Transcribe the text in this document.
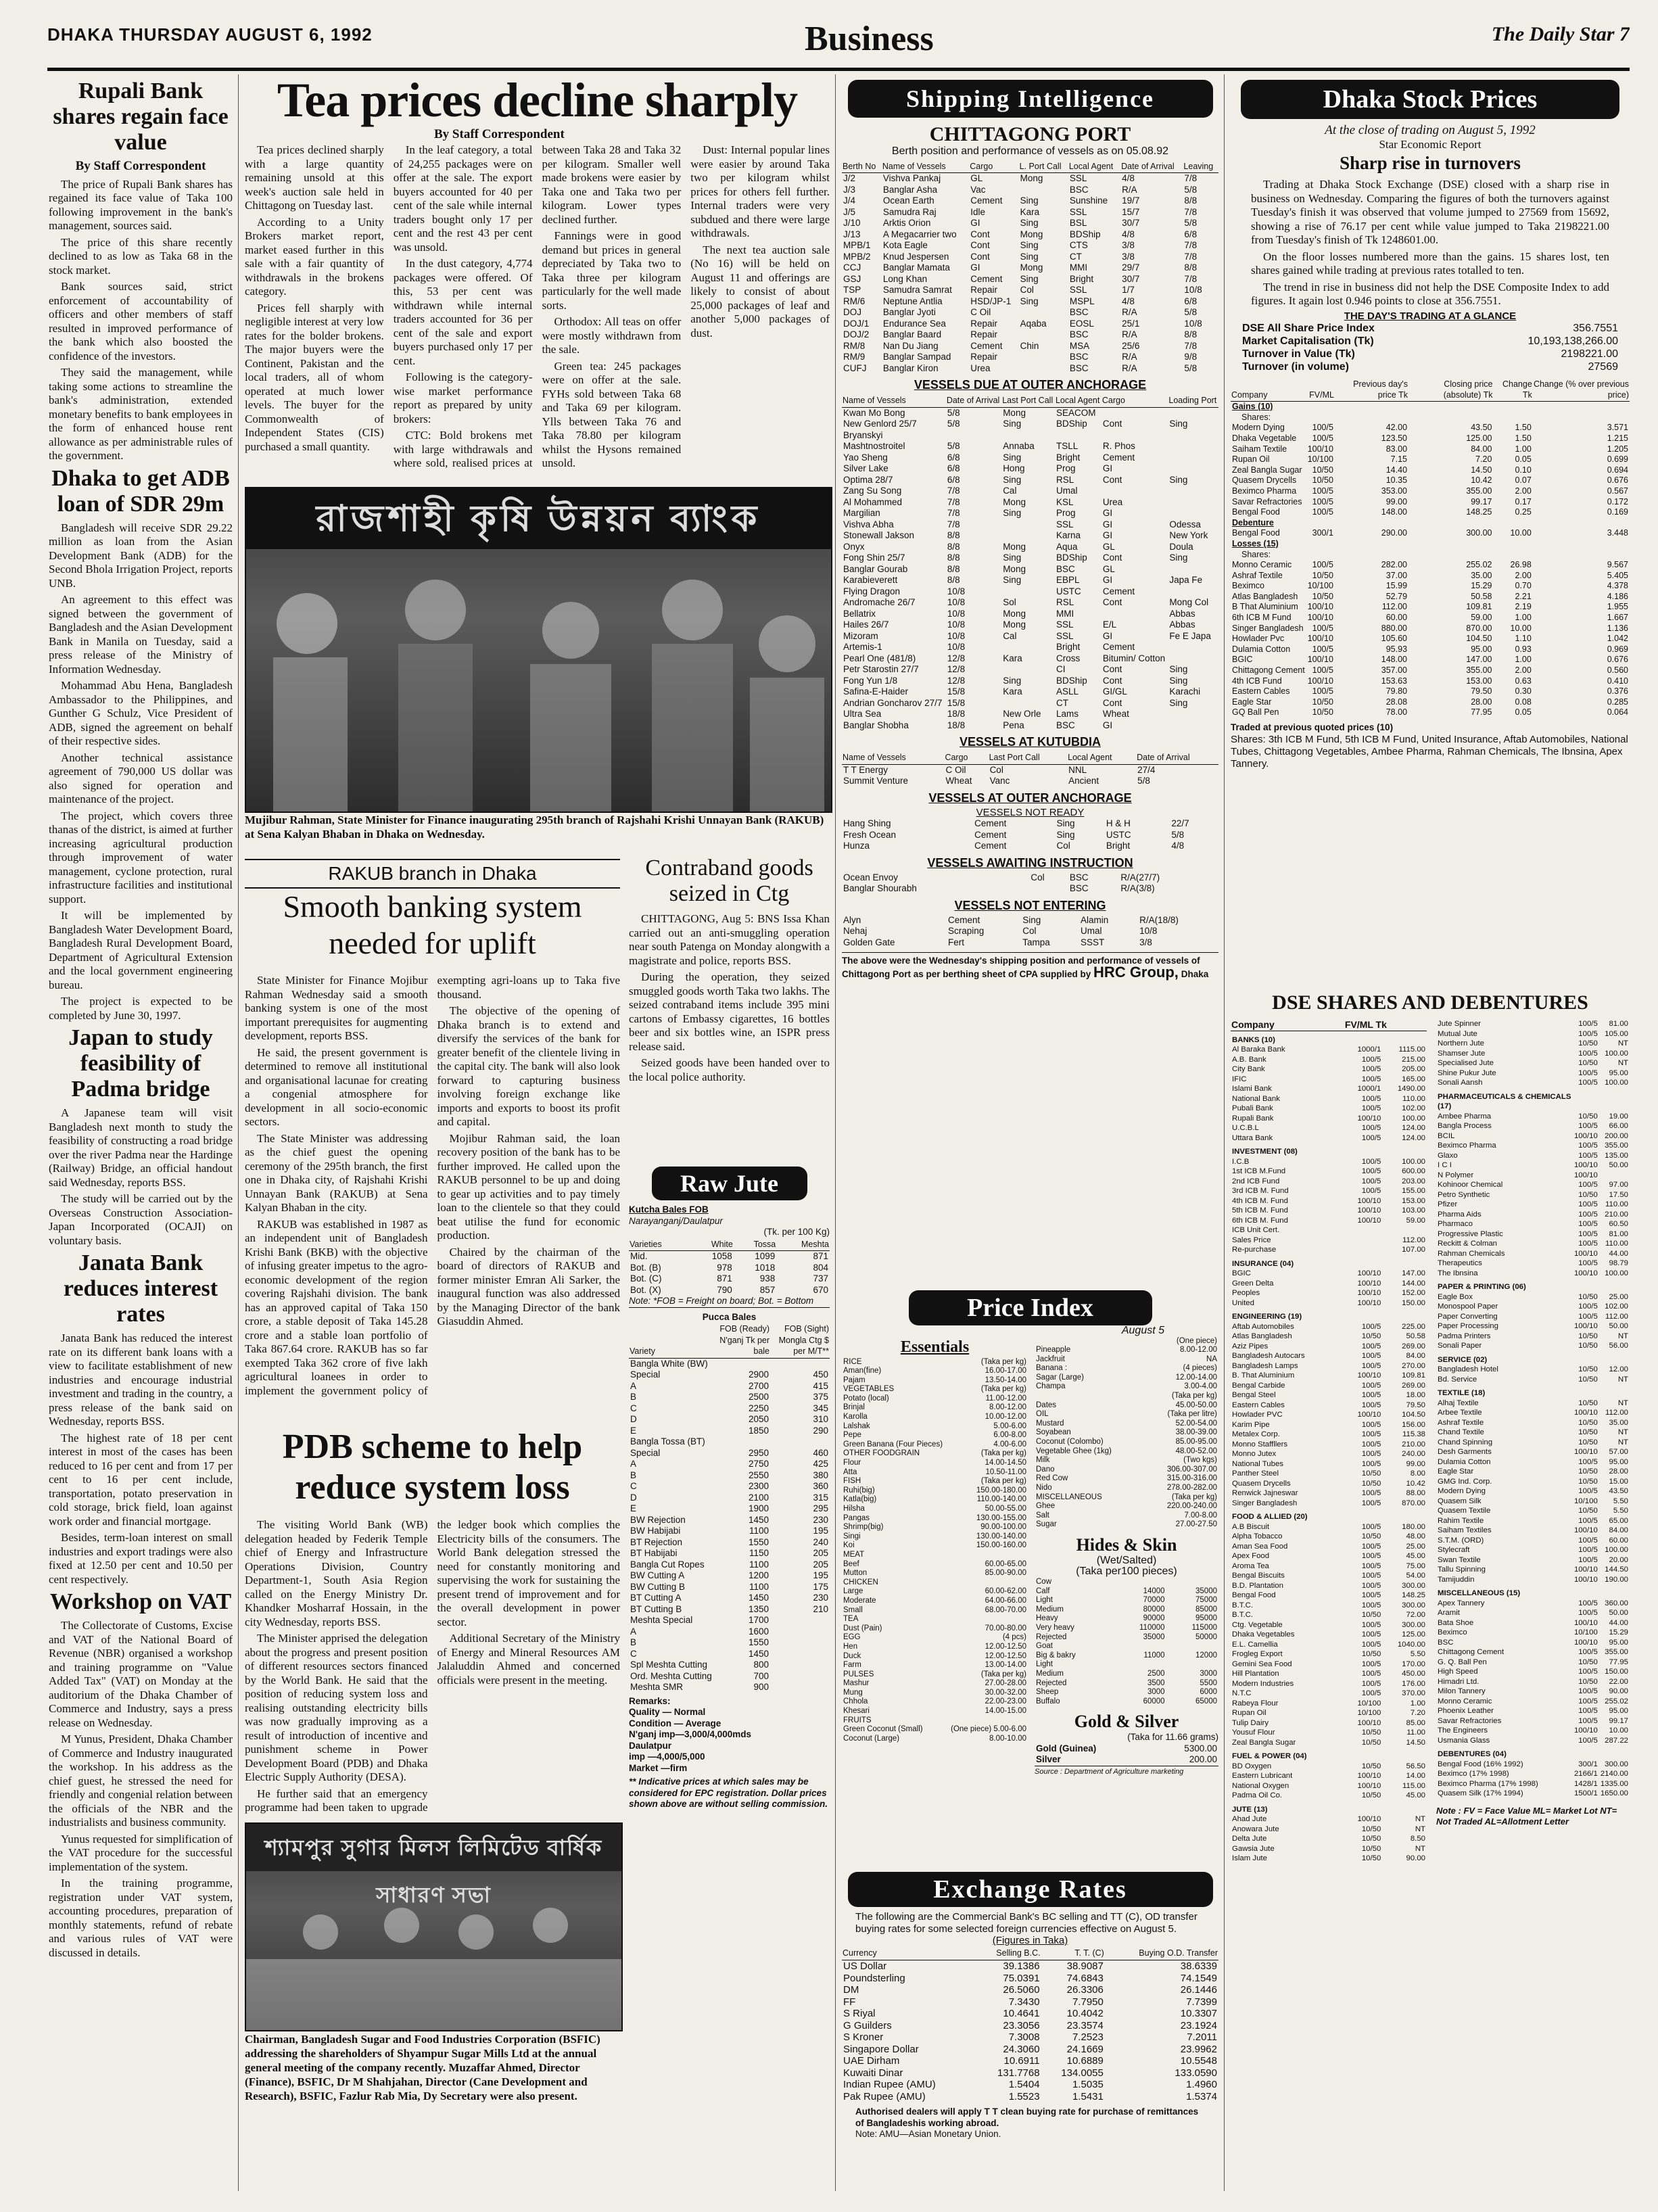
DHAKA THURSDAY AUGUST 6, 1992	Business	The Daily Star 7
Rupali Bank shares regain face value
By Staff Correspondent

The price of Rupali Bank shares has regained its face value of Taka 100 following improvement in the bank's management, sources said.

The price of this share recently declined to as low as Taka 68 in the stock market.

Bank sources said, strict enforcement of accountability of officers and other members of staff resulted in improved performance of the bank which also boosted the confidence of the investors.

They said the management, while taking some actions to streamline the bank's administration, extended monetary benefits to bank employees in the form of enhanced house rent allowance as per administrable rules of the government.

Dhaka to get ADB loan of SDR 29m

Bangladesh will receive SDR 29.22 million as loan from the Asian Development Bank (ADB) for the Second Bhola Irrigation Project, reports UNB.

An agreement to this effect was signed between the government of Bangladesh and the Asian Development Bank in Manila on Tuesday, said a press release of the Ministry of Information Wednesday.

Mohammad Abu Hena, Bangladesh Ambassador to the Philippines, and Gunther G Schulz, Vice President of ADB, signed the agreement on behalf of their respective sides.

Another technical assistance agreement of 790,000 US dollar was also signed for operation and maintenance of the project.

The project, which covers three thanas of the district, is aimed at further increasing agricultural production through improvement of water management, cyclone protection, rural infrastructure facilities and institutional support.

It will be implemented by Bangladesh Water Development Board, Bangladesh Rural Development Board, Department of Agricultural Extension and the local government engineering bureau.

The project is expected to be completed by June 30, 1997.

Japan to study feasibility of Padma bridge

A Japanese team will visit Bangladesh next month to study the feasibility of constructing a road bridge over the river Padma near the Hardinge (Railway) Bridge, an official handout said Wednesday, reports BSS.

The study will be carried out by the Overseas Construction Association-Japan Incorporated (OCAJI) on voluntary basis.

Janata Bank reduces interest rates

Janata Bank has reduced the interest rate on its different bank loans with a view to facilitate establishment of new industries and encourage industrial investment and trading in the country, a press release of the bank said on Wednesday, reports BSS.

The highest rate of 18 per cent interest in most of the cases has been reduced to 16 per cent and from 17 per cent to 16 per cent include, transportation, potato preservation in cold storage, brick field, loan against work order and financial mortgage.

Besides, term-loan interest on small industries and export tradings were also fixed at 12.50 per cent and 10.50 per cent respectively.

Workshop on VAT

The Collectorate of Customs, Excise and VAT of the National Board of Revenue (NBR) organised a workshop and training programme on "Value Added Tax" (VAT) on Monday at the auditorium of the Dhaka Chamber of Commerce and Industry, says a press release on Wednesday.

M Yunus, President, Dhaka Chamber of Commerce and Industry inaugurated the workshop. In his address as the chief guest, he stressed the need for friendly and congenial relation between the officials of the NBR and the industrialists and business community.

Yunus requested for simplification of the VAT procedure for the successful implementation of the system.

In the training programme, registration under VAT system, accounting procedures, preparation of monthly statements, refund of rebate and various rules of VAT were discussed in details.

Tea prices decline sharply
By Staff Correspondent

Tea prices declined sharply with a large quantity remaining unsold at this week's auction sale held in Chittagong on Tuesday last.

According to a Unity Brokers market report, market eased further in this sale with a fair quantity of withdrawals in the brokens category.

Prices fell sharply with negligible interest at very low rates for the bolder brokens. The major buyers were the Continent, Pakistan and the local traders, all of whom operated at much lower levels. The buyer for the Commonwealth of Independent States (CIS) purchased a small quantity.

In the leaf category, a total of 24,255 packages were on offer at the sale. The export buyers accounted for 40 per cent of the sale while internal traders bought only 17 per cent and the rest 43 per cent was unsold.

In the dust category, 4,774 packages were offered. Of this, 53 per cent was withdrawn while internal traders accounted for 36 per cent of the sale and export buyers purchased only 17 per cent.

Following is the category-wise market performance report as prepared by unity brokers:

CTC: Bold brokens met with large withdrawals and where sold, realised prices at between Taka 28 and Taka 32 per kilogram. Smaller well made brokens were easier by Taka one and Taka two per kilogram. Lower types declined further.

Fannings were in good demand but prices in general depreciated by Taka two to Taka three per kilogram particularly for the well made sorts.

Orthodox: All teas on offer were mostly withdrawn from the sale.

Green tea: 245 packages were on offer at the sale. FYHs sold between Taka 68 and Taka 69 per kilogram. Ylls between Taka 76 and Taka 78.80 per kilogram whilst the Hysons remained unsold.

Dust: Internal popular lines were easier by around Taka two per kilogram whilst prices for others fell further. Internal traders were very subdued and there were large withdrawals.

The next tea auction sale (No 16) will be held on August 11 and offerings are likely to consist of about 25,000 packages of leaf and another 5,000 packages of dust.

রাজশাহী কৃষি উন্নয়ন ব্যাংক
Mujibur Rahman, State Minister for Finance inaugurating 295th branch of Rajshahi Krishi Unnayan Bank (RAKUB) at Sena Kalyan Bhaban in Dhaka on Wednesday.
RAKUB branch in Dhaka
Smooth banking system needed for uplift

State Minister for Finance Mojibur Rahman Wednesday said a smooth banking system is one of the most important prerequisites for augmenting development, reports BSS.

He said, the present government is determined to remove all institutional and organisational lacunae for creating a congenial atmosphere for development in all socio-economic sectors.

The State Minister was addressing as the chief guest the opening ceremony of the 295th branch, the first one in Dhaka city, of Rajshahi Krishi Unnayan Bank (RAKUB) at Sena Kalyan Bhaban in the city.

RAKUB was established in 1987 as an independent unit of Bangladesh Krishi Bank (BKB) with the objective of infusing greater impetus to the agro-economic development of the region covering Rajshahi division. The bank has an approved capital of Taka 150 crore, a stable deposit of Taka 145.28 crore and a stable loan portfolio of Taka 867.64 crore. RAKUB has so far exempted Taka 362 crore of five lakh agricultural loanees in order to implement the government policy of exempting agri-loans up to Taka five thousand.

The objective of the opening of Dhaka branch is to extend and diversify the services of the bank for greater benefit of the clientele living in the capital city. The bank will also look forward to capturing business involving foreign exchange like imports and exports to boost its profit and capital.

Mojibur Rahman said, the loan recovery position of the bank has to be further improved. He called upon the RAKUB personnel to be up and doing to gear up activities and to pay timely loan to the clientele so that they could beat utilise the fund for economic production.

Chaired by the chairman of the board of directors of RAKUB and former minister Emran Ali Sarker, the inaugural function was also addressed by the Managing Director of the bank Giasuddin Ahmed.

Contraband goods seized in Ctg

CHITTAGONG, Aug 5: BNS Issa Khan carried out an anti-smuggling operation near south Patenga on Monday alongwith a magistrate and police, reports BSS.

During the operation, they seized smuggled goods worth Taka two lakhs. The seized contraband items include 395 mini cartons of Embassy cigarettes, 16 bottles beer and six bottles wine, an ISPR press release said.

Seized goods have been handed over to the local police authority.

Raw Jute
Kutcha Bales FOB
Narayanganj/Daulatpur
(Tk. per 100 Kg)
Varieties	White	Tossa	Meshta
Mid.	1058	1099	871
Bot. (B)	978	1018	804
Bot. (C)	871	938	737
Bot. (X)	790	857	670
Note: *FOB = Freight on board; Bot. = Bottom
Pucca Bales
Variety	FOB (Ready) N'ganj Tk per bale	FOB (Sight) Mongla Ctg $ per M/T**
Bangla White (BW)		
Special	2900	450
A	2700	415
B	2500	375
C	2250	345
D	2050	310
E	1850	290
Bangla Tossa (BT)		
Special	2950	460
A	2750	425
B	2550	380
C	2300	360
D	2100	315
E	1900	295
BW Rejection	1450	230
BW Habijabi	1100	195
BT Rejection	1550	240
BT Habijabi	1150	205
Bangla Cut Ropes	1100	205
BW Cutting A	1200	195
BW Cutting B	1100	175
BT Cutting A	1450	230
BT Cutting B	1350	210
Meshta Special	1700	
A	1600	
B	1550	
C	1450	
Spl Meshta Cutting	800	
Ord. Meshta Cutting	700	
Meshta SMR	900	
Remarks:
Quality — Normal
Condition — Average
N'ganj imp—3,000/4,000mds
Daulatpur
imp —4,000/5,000
Market —firm
** Indicative prices at which sales may be considered for EPC registration. Dollar prices shown above are without selling commission.
PDB scheme to help reduce system loss

The visiting World Bank (WB) delegation headed by Federik Temple chief of Energy and Infrastructure Operations Division, Country Department-1, South Asia Region called on the Energy Ministry Dr. Khandker Mosharraf Hossain, in the city Wednesday, reports BSS.

The Minister apprised the delegation about the progress and present position of different resources sectors financed by the World Bank. He said that the position of reducing system loss and realising outstanding electricity bills was now gradually improving as a result of introduction of incentive and punishment scheme in Power Development Board (PDB) and Dhaka Electric Supply Authority (DESA).

He further said that an emergency programme had been taken to upgrade the ledger book which complies the Electricity bills of the consumers. The World Bank delegation stressed the need for constantly monitoring and supervising the work for sustaining the present trend of improvement and for the overall development in power sector.

Additional Secretary of the Ministry of Energy and Mineral Resources AM Jalaluddin Ahmed and concerned officials were present in the meeting.

শ্যামপুর সুগার মিলস লিমিটেড বার্ষিক সাধারণ সভা
Chairman, Bangladesh Sugar and Food Industries Corporation (BSFIC) addressing the shareholders of Shyampur Sugar Mills Ltd at the annual general meeting of the company recently. Muzaffar Ahmed, Director (Finance), BSFIC, Dr M Shahjahan, Director (Cane Development and Research), BSFIC, Fazlur Rab Mia, Dy Secretary were also present.
Shipping Intelligence
CHITTAGONG PORT
Berth position and performance of vessels as on 05.08.92
Berth No	Name of Vessels	Cargo	L. Port Call	Local Agent	Date of Arrival	Leaving
J/2	Vishva Pankaj	GL	Mong	SSL	4/8	7/8
J/3	Banglar Asha	Vac		BSC	R/A	5/8
J/4	Ocean Earth	Cement	Sing	Sunshine	19/7	8/8
J/5	Samudra Raj	Idle	Kara	SSL	15/7	7/8
J/10	Arktis Orion	GI	Sing	BSL	30/7	5/8
J/13	A Megacarrier two	Cont	Mong	BDShip	4/8	6/8
MPB/1	Kota Eagle	Cont	Sing	CTS	3/8	7/8
MPB/2	Knud Jespersen	Cont	Sing	CT	3/8	7/8
CCJ	Banglar Mamata	GI	Mong	MMI	29/7	8/8
GSJ	Long Khan	Cement	Sing	Bright	30/7	7/8
TSP	Samudra Samrat	Repair	Col	SSL	1/7	10/8
RM/6	Neptune Antlia	HSD/JP-1	Sing	MSPL	4/8	6/8
DOJ	Banglar Jyoti	C Oil		BSC	R/A	5/8
DOJ/1	Endurance Sea	Repair	Aqaba	EOSL	25/1	10/8
DOJ/2	Banglar Baard	Repair		BSC	R/A	8/8
RM/8	Nan Du Jiang	Cement	Chin	MSA	25/6	7/8
RM/9	Banglar Sampad	Repair		BSC	R/A	9/8
CUFJ	Banglar Kiron	Urea		BSC	R/A	5/8
VESSELS DUE AT OUTER ANCHORAGE
Name of Vessels	Date of Arrival	Last Port Call	Local Agent	Cargo	Loading Port
Kwan Mo Bong	5/8	Mong	SEACOM		
New Genlord 25/7	5/8	Sing	BDShip	Cont	Sing
Bryanskyi					
Mashtnostroitel	5/8	Annaba	TSLL	R. Phos	
Yao Sheng	6/8	Sing	Bright	Cement	
Silver Lake	6/8	Hong	Prog	GI	
Optima 28/7	6/8	Sing	RSL	Cont	Sing
Zang Su Song	7/8	Cal	Umal		
Al Mohammed	7/8	Mong	KSL	Urea	
Margilian	7/8	Sing	Prog	GI	
Vishva Abha	7/8		SSL	GI	Odessa
Stonewall Jakson	8/8		Karna	GI	New York
Onyx	8/8	Mong	Aqua	GL	Doula
Fong Shin 25/7	8/8	Sing	BDShip	Cont	Sing
Banglar Gourab	8/8	Mong	BSC	GL	
Karabieverett	8/8	Sing	EBPL	GI	Japa Fe
Flying Dragon	10/8		USTC	Cement	
Andromache 26/7	10/8	Sol	RSL	Cont	Mong Col
Bellatrix	10/8	Mong	MMI		Abbas
Hailes 26/7	10/8	Mong	SSL	E/L	Abbas
Mizoram	10/8	Cal	SSL	GI	Fe E Japa
Artemis-1	10/8		Bright	Cement	
Pearl One (481/8)	12/8	Kara	Cross	Bitumin/ Cotton	
Petr Starostin 27/7	12/8		CI	Cont	Sing
Fong Yun 1/8	12/8	Sing	BDShip	Cont	Sing
Safina-E-Haider	15/8	Kara	ASLL	GI/GL	Karachi
Andrian Goncharov 27/7	15/8		CT	Cont	Sing
Ultra Sea	18/8	New Orle	Lams	Wheat	
Banglar Shobha	18/8	Pena	BSC	GI	
VESSELS AT KUTUBDIA
Name of Vessels	Cargo	Last Port Call	Local Agent	Date of Arrival
T T Energy	C Oil	Col	NNL	27/4
Summit Venture	Wheat	Vanc	Ancient	5/8
VESSELS AT OUTER ANCHORAGE
VESSELS NOT READY
Hang Shing	Cement	Sing	H & H	22/7
Fresh Ocean	Cement	Sing	USTC	5/8
Hunza	Cement	Col	Bright	4/8
VESSELS AWAITING INSTRUCTION
Ocean Envoy		Col	BSC	R/A(27/7)
Banglar Shourabh			BSC	R/A(3/8)
VESSELS NOT ENTERING
Alyn	Cement	Sing	Alamin	R/A(18/8)
Nehaj	Scraping	Col	Umal	10/8
Golden Gate	Fert	Tampa	SSST	3/8
The above were the Wednesday's shipping position and performance of vessels of Chittagong Port as per berthing sheet of CPA supplied by HRC Group, Dhaka
Price Index
August 5
Essentials
RICE	(Taka per kg)
Aman(fine)	16.00-17.00
Pajam	13.50-14.00
VEGETABLES	(Taka per kg)
Potato (local)	11.00-12.00
Brinjal	8.00-12.00
Karolla	10.00-12.00
Lalshak	5.00-6.00
Pepe	6.00-8.00
Green Banana (Four Pieces)	4.00-6.00
OTHER FOODGRAIN	(Taka per kg)
Flour	14.00-14.50
Atta	10.50-11.00
FISH	(Taka per kg)
Ruhi(big)	150.00-180.00
Katla(big)	110.00-140.00
Hilsha	50.00-55.00
Pangas	130.00-155.00
Shrimp(big)	90.00-100.00
Singi	130.00-140.00
Koi	150.00-160.00
MEAT	
Beef	60.00-65.00
Mutton	85.00-90.00
CHICKEN	
Large	60.00-62.00
Moderate	64.00-66.00
Small	68.00-70.00
TEA	
Dust (Pain)	70.00-80.00
EGG	(4 pcs)
Hen	12.00-12.50
Duck	12.00-12.50
Farm	13.00-14.00
PULSES	(Taka per kg)
Mashur	27.00-28.00
Mung	30.00-32.00
Chhola	22.00-23.00
Khesari	14.00-15.00
FRUITS	
Green Coconut (Small)	(One piece) 5.00-6.00
Coconut (Large)	8.00-10.00
	(One piece)
Pineapple	8.00-12.00
Jackfruit	NA
Banana :	(4 pieces)
Sagar (Large)	12.00-14.00
Champa	3.00-4.00
	(Taka per kg)
Dates	45.00-50.00
OIL	(Taka per litre)
Mustard	52.00-54.00
Soyabean	38.00-39.00
Coconut (Colombo)	85.00-95.00
Vegetable Ghee (1kg)	48.00-52.00
Milk	(Two kgs)
Dano	306.00-307.00
Red Cow	315.00-316.00
Nido	278.00-282.00
MISCELLANEOUS	(Taka per kg)
Ghee	220.00-240.00
Salt	7.00-8.00
Sugar	27.00-27.50
Hides & Skin
(Wet/Salted)
(Taka per100 pieces)
Cow		
Calf	14000	35000
Light	70000	75000
Medium	80000	85000
Heavy	90000	95000
Very heavy	110000	115000
Rejected	35000	50000
Goat		
Big & bakry	11000	12000
Light		
Medium	2500	3000
Rejected	3500	5500
Sheep	3000	6000
Buffalo	60000	65000
Gold & Silver
(Taka for 11.66 grams)
Gold (Guinea)	5300.00
Silver	200.00
Source : Department of Agriculture marketing
Exchange Rates
The following are the Commercial Bank's BC selling and TT (C), OD transfer buying rates for some selected foreign currencies effective on August 5.
(Figures in Taka)
Currency	Selling B.C.	T. T. (C)	Buying O.D. Transfer
US Dollar	39.1386	38.9087	38.6339
Poundsterling	75.0391	74.6843	74.1549
DM	26.5060	26.3306	26.1446
FF	7.3430	7.7950	7.7399
S Riyal	10.4641	10.4042	10.3307
G Guilders	23.3056	23.3574	23.1924
S Kroner	7.3008	7.2523	7.2011
Singapore Dollar	24.3060	24.1669	23.9962
UAE Dirham	10.6911	10.6889	10.5548
Kuwaiti Dinar	131.7768	134.0055	133.0590
Indian Rupee (AMU)	1.5404	1.5035	1.4960
Pak Rupee (AMU)	1.5523	1.5431	1.5374
Authorised dealers will apply T T clean buying rate for purchase of remittances of Bangladeshis working abroad.
Note: AMU—Asian Monetary Union.
Dhaka Stock Prices
At the close of trading on August 5, 1992
Star Economic Report
Sharp rise in turnovers

Trading at Dhaka Stock Exchange (DSE) closed with a sharp rise in business on Wednesday. Comparing the figures of both the turnovers against Tuesday's finish it was observed that volume jumped to 27569 from 15692, showing a rise of 76.17 per cent while value jumped to Taka 2198221.00 from Tuesday's finish of Tk 1248601.00.

On the floor losses numbered more than the gains. 15 shares lost, ten shares gained while trading at previous rates totalled to ten.

The trend in rise in business did not help the DSE Composite Index to add figures. It again lost 0.946 points to close at 356.7551.

THE DAY'S TRADING AT A GLANCE
DSE All Share Price Index	356.7551
Market Capitalisation (Tk)	10,193,138,266.00
Turnover in Value (Tk)	2198221.00
Turnover (in volume)	27569
Company	FV/ML	Previous day's price Tk	Closing price (absolute) Tk	Change Tk	Change (% over previous price)
Gains (10)					
Shares:					
Modern Dying	100/5	42.00	43.50	1.50	3.571
Dhaka Vegetable	100/5	123.50	125.00	1.50	1.215
Saiham Textile	100/10	83.00	84.00	1.00	1.205
Rupan Oil	10/100	7.15	7.20	0.05	0.699
Zeal Bangla Sugar	10/50	14.40	14.50	0.10	0.694
Quasem Drycells	10/50	10.35	10.42	0.07	0.676
Beximco Pharma	100/5	353.00	355.00	2.00	0.567
Savar Refractories	100/5	99.00	99.17	0.17	0.172
Bengal Food	100/5	148.00	148.25	0.25	0.169
Debenture					
Bengal Food	300/1	290.00	300.00	10.00	3.448
Losses (15)					
Shares:					
Monno Ceramic	100/5	282.00	255.02	26.98	9.567
Ashraf Textile	10/50	37.00	35.00	2.00	5.405
Beximco	10/100	15.99	15.29	0.70	4.378
Atlas Bangladesh	10/50	52.79	50.58	2.21	4.186
B That Aluminium	100/10	112.00	109.81	2.19	1.955
6th ICB M Fund	100/10	60.00	59.00	1.00	1.667
Singer Bangladesh	100/5	880.00	870.00	10.00	1.136
Howlader Pvc	100/10	105.60	104.50	1.10	1.042
Dulamia Cotton	100/5	95.93	95.00	0.93	0.969
BGIC	100/10	148.00	147.00	1.00	0.676
Chittagong Cement	100/5	357.00	355.00	2.00	0.560
4th ICB Fund	100/10	153.63	153.00	0.63	0.410
Eastern Cables	100/5	79.80	79.50	0.30	0.376
Eagle Star	10/50	28.08	28.00	0.08	0.285
GQ Ball Pen	10/50	78.00	77.95	0.05	0.064
Traded at previous quoted prices (10)
Shares: 3th ICB M Fund, 5th ICB M Fund, United Insurance, Aftab Automobiles, National Tubes, Chittagong Vegetables, Ambee Pharma, Rahman Chemicals, The Ibnsina, Apex Tannery.
DSE SHARES AND DEBENTURES
Company	FV/ML Tk	
BANKS (10)		
Al Baraka Bank	1000/1	1115.00
A.B. Bank	100/5	215.00
City Bank	100/5	205.00
IFIC	100/5	165.00
Islami Bank	1000/1	1490.00
National Bank	100/5	110.00
Pubali Bank	100/5	102.00
Rupali Bank	100/10	100.00
U.C.B.L	100/5	124.00
Uttara Bank	100/5	124.00
INVESTMENT (08)		
I.C.B	100/5	100.00
1st ICB M.Fund	100/5	600.00
2nd ICB Fund	100/5	203.00
3rd ICB M. Fund	100/5	155.00
4th ICB M. Fund	100/10	153.00
5th ICB M. Fund	100/10	103.00
6th ICB M. Fund	100/10	59.00
ICB Unit Cert.		
Sales Price		112.00
Re-purchase		107.00
INSURANCE (04)		
BGIC	100/10	147.00
Green Delta	100/10	144.00
Peoples	100/10	152.00
United	100/10	150.00
ENGINEERING (19)		
Aftab Automobiles	100/5	225.00
Atlas Bangladesh	10/50	50.58
Aziz Pipes	100/5	269.00
Bangladesh Autocars	100/5	84.00
Bangladesh Lamps	100/5	270.00
B. That Aluminium	100/10	109.81
Bengal Carbide	100/5	269.00
Bengal Steel	100/5	18.00
Eastern Cables	100/5	79.50
Howlader PVC	100/10	104.50
Karim Pipe	100/5	156.00
Metalex Corp.	100/5	115.38
Monno Staffllers	100/5	210.00
Monno Jutex	100/5	240.00
National Tubes	100/5	99.00
Panther Steel	10/50	8.00
Quasem Drycells	10/50	10.42
Renwick Jajneswar	100/5	88.00
Singer Bangladesh	100/5	870.00
FOOD & ALLIED (20)		
A.B Biscuit	100/5	180.00
Alpha Tobacco	10/50	48.00
Aman Sea Food	100/5	25.00
Apex Food	100/5	45.00
Aroma Tea	100/5	75.00
Bengal Biscuits	100/5	54.00
B.D. Plantation	100/5	300.00
Bengal Food	100/5	148.25
B.T.C.	100/5	300.00
B.T.C.	10/50	72.00
Ctg. Vegetable	100/5	300.00
Dhaka Vegetables	100/5	125.00
E.L. Camellia	100/5	1040.00
Frogleg Export	10/50	5.50
Gemini Sea Food	100/5	170.00
Hill Plantation	100/5	450.00
Modern Industries	100/5	176.00
N.T.C	100/5	370.00
Rabeya Flour	10/100	1.00
Rupan Oil	10/100	7.20
Tulip Dairy	100/10	85.00
Yousuf Flour	10/50	11.00
Zeal Bangla Sugar	10/50	14.50
FUEL & POWER (04)		
BD Oxygen	10/50	56.50
Eastern Lubricant	100/10	14.00
National Oxygen	100/10	115.00
Padma Oil Co.	10/50	45.00
JUTE (13)		
Ahad Jute	100/10	NT
Anowara Jute	10/50	NT
Delta Jute	10/50	8.50
Gawsia Jute	10/50	NT
Islam Jute	10/50	90.00
Jute Spinner	100/5	81.00
Mutual Jute	100/5	105.00
Northern Jute	10/50	NT
Shamser Jute	100/5	100.00
Specialised Jute	10/50	NT
Shine Pukur Jute	100/5	95.00
Sonali Aansh	100/5	100.00
PHARMACEUTICALS & CHEMICALS (17)		
Ambee Pharma	10/50	19.00
Bangla Process	100/5	66.00
BCIL	100/10	200.00
Beximco Pharma	100/5	355.00
Glaxo	100/5	135.00
I C I	100/10	50.00
N Polymer	100/10	
Kohinoor Chemical	100/5	97.00
Petro Synthetic	10/50	17.50
Pfizer	100/5	110.00
Pharma Aids	100/5	210.00
Pharmaco	100/5	60.50
Progressive Plastic	100/5	81.00
Reckitt & Colman	100/5	110.00
Rahman Chemicals	100/10	44.00
Therapeutics	100/5	98.79
The Ibnsina	100/10	100.00
PAPER & PRINTING (06)		
Eagle Box	10/50	25.00
Monospool Paper	100/5	102.00
Paper Converting	100/5	112.00
Paper Processing	100/10	50.00
Padma Printers	10/50	NT
Sonali Paper	10/50	56.00
SERVICE (02)		
Bangladesh Hotel	10/50	12.00
Bd. Service	10/50	NT
TEXTILE (18)		
Alhaj Textile	10/50	NT
Arbee Textile	100/10	112.00
Ashraf Textile	10/50	35.00
Chand Textile	10/50	NT
Chand Spinning	10/50	NT
Desh Garments	100/10	57.00
Dulamia Cotton	100/5	95.00
Eagle Star	10/50	28.00
GMG Ind. Corp.	10/50	15.00
Modern Dying	100/5	43.50
Quasem Silk	10/100	5.50
Quasem Textile	10/50	5.50
Rahim Textile	100/5	65.00
Saiham Textiles	100/10	84.00
S.T.M. (ORD)	100/5	60.00
Stylecraft	100/5	100.00
Swan Textile	100/5	20.00
Tallu Spinning	100/10	144.50
Tamijuddin	100/10	190.00
MISCELLANEOUS (15)		
Apex Tannery	100/5	360.00
Aramit	100/5	50.00
Bata Shoe	100/10	44.00
Beximco	10/100	15.29
BSC	100/10	95.00
Chittagong Cement	100/5	355.00
G. Q. Ball Pen	10/50	77.95
High Speed	100/5	150.00
Himadri Ltd.	10/50	22.00
Milon Tannery	100/5	90.00
Monno Ceramic	100/5	255.02
Phoenix Leather	100/5	95.00
Savar Refractories	100/5	99.17
The Engineers	100/10	10.00
Usmania Glass	100/5	287.22
DEBENTURES (04)		
Bengal Food (16% 1992)	300/1	300.00
Beximco (17% 1998)	2166/1	2140.00
Beximco Pharma (17% 1998)	1428/1	1335.00
Quasem Silk (17% 1994)	1500/1	1650.00
Note : FV = Face Value ML= Market Lot NT= Not Traded AL=Allotment Letter
